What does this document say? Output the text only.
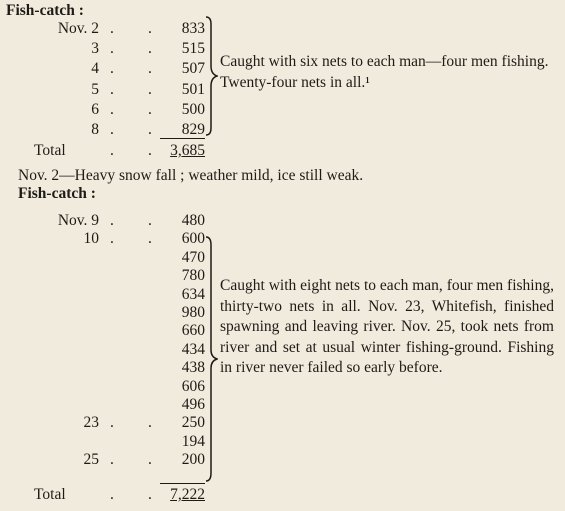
Fish-catch :
Nov. 2 . .	833
3 . .	515
4 . .	507
5 . .	501
6 . .	500
8 . .	829
Caught with six nets to each man—four men fishing. Twenty-four nets in all.¹
Total	. .	3,685
Nov. 2—Heavy snow fall ; weather mild, ice still weak.
Fish-catch :
Nov. 9 . .	480
10 . .	600
470
780
634
980
660
434
438
606
496
23 . .	250
194
25 . .	200
Caught with eight nets to each man, four men fishing, thirty-two nets in all. Nov. 23, Whitefish, finished spawning and leaving river. Nov. 25, took nets from river and set at usual winter fishing-ground. Fishing in river never failed so early before.
Total	. .	7,222
